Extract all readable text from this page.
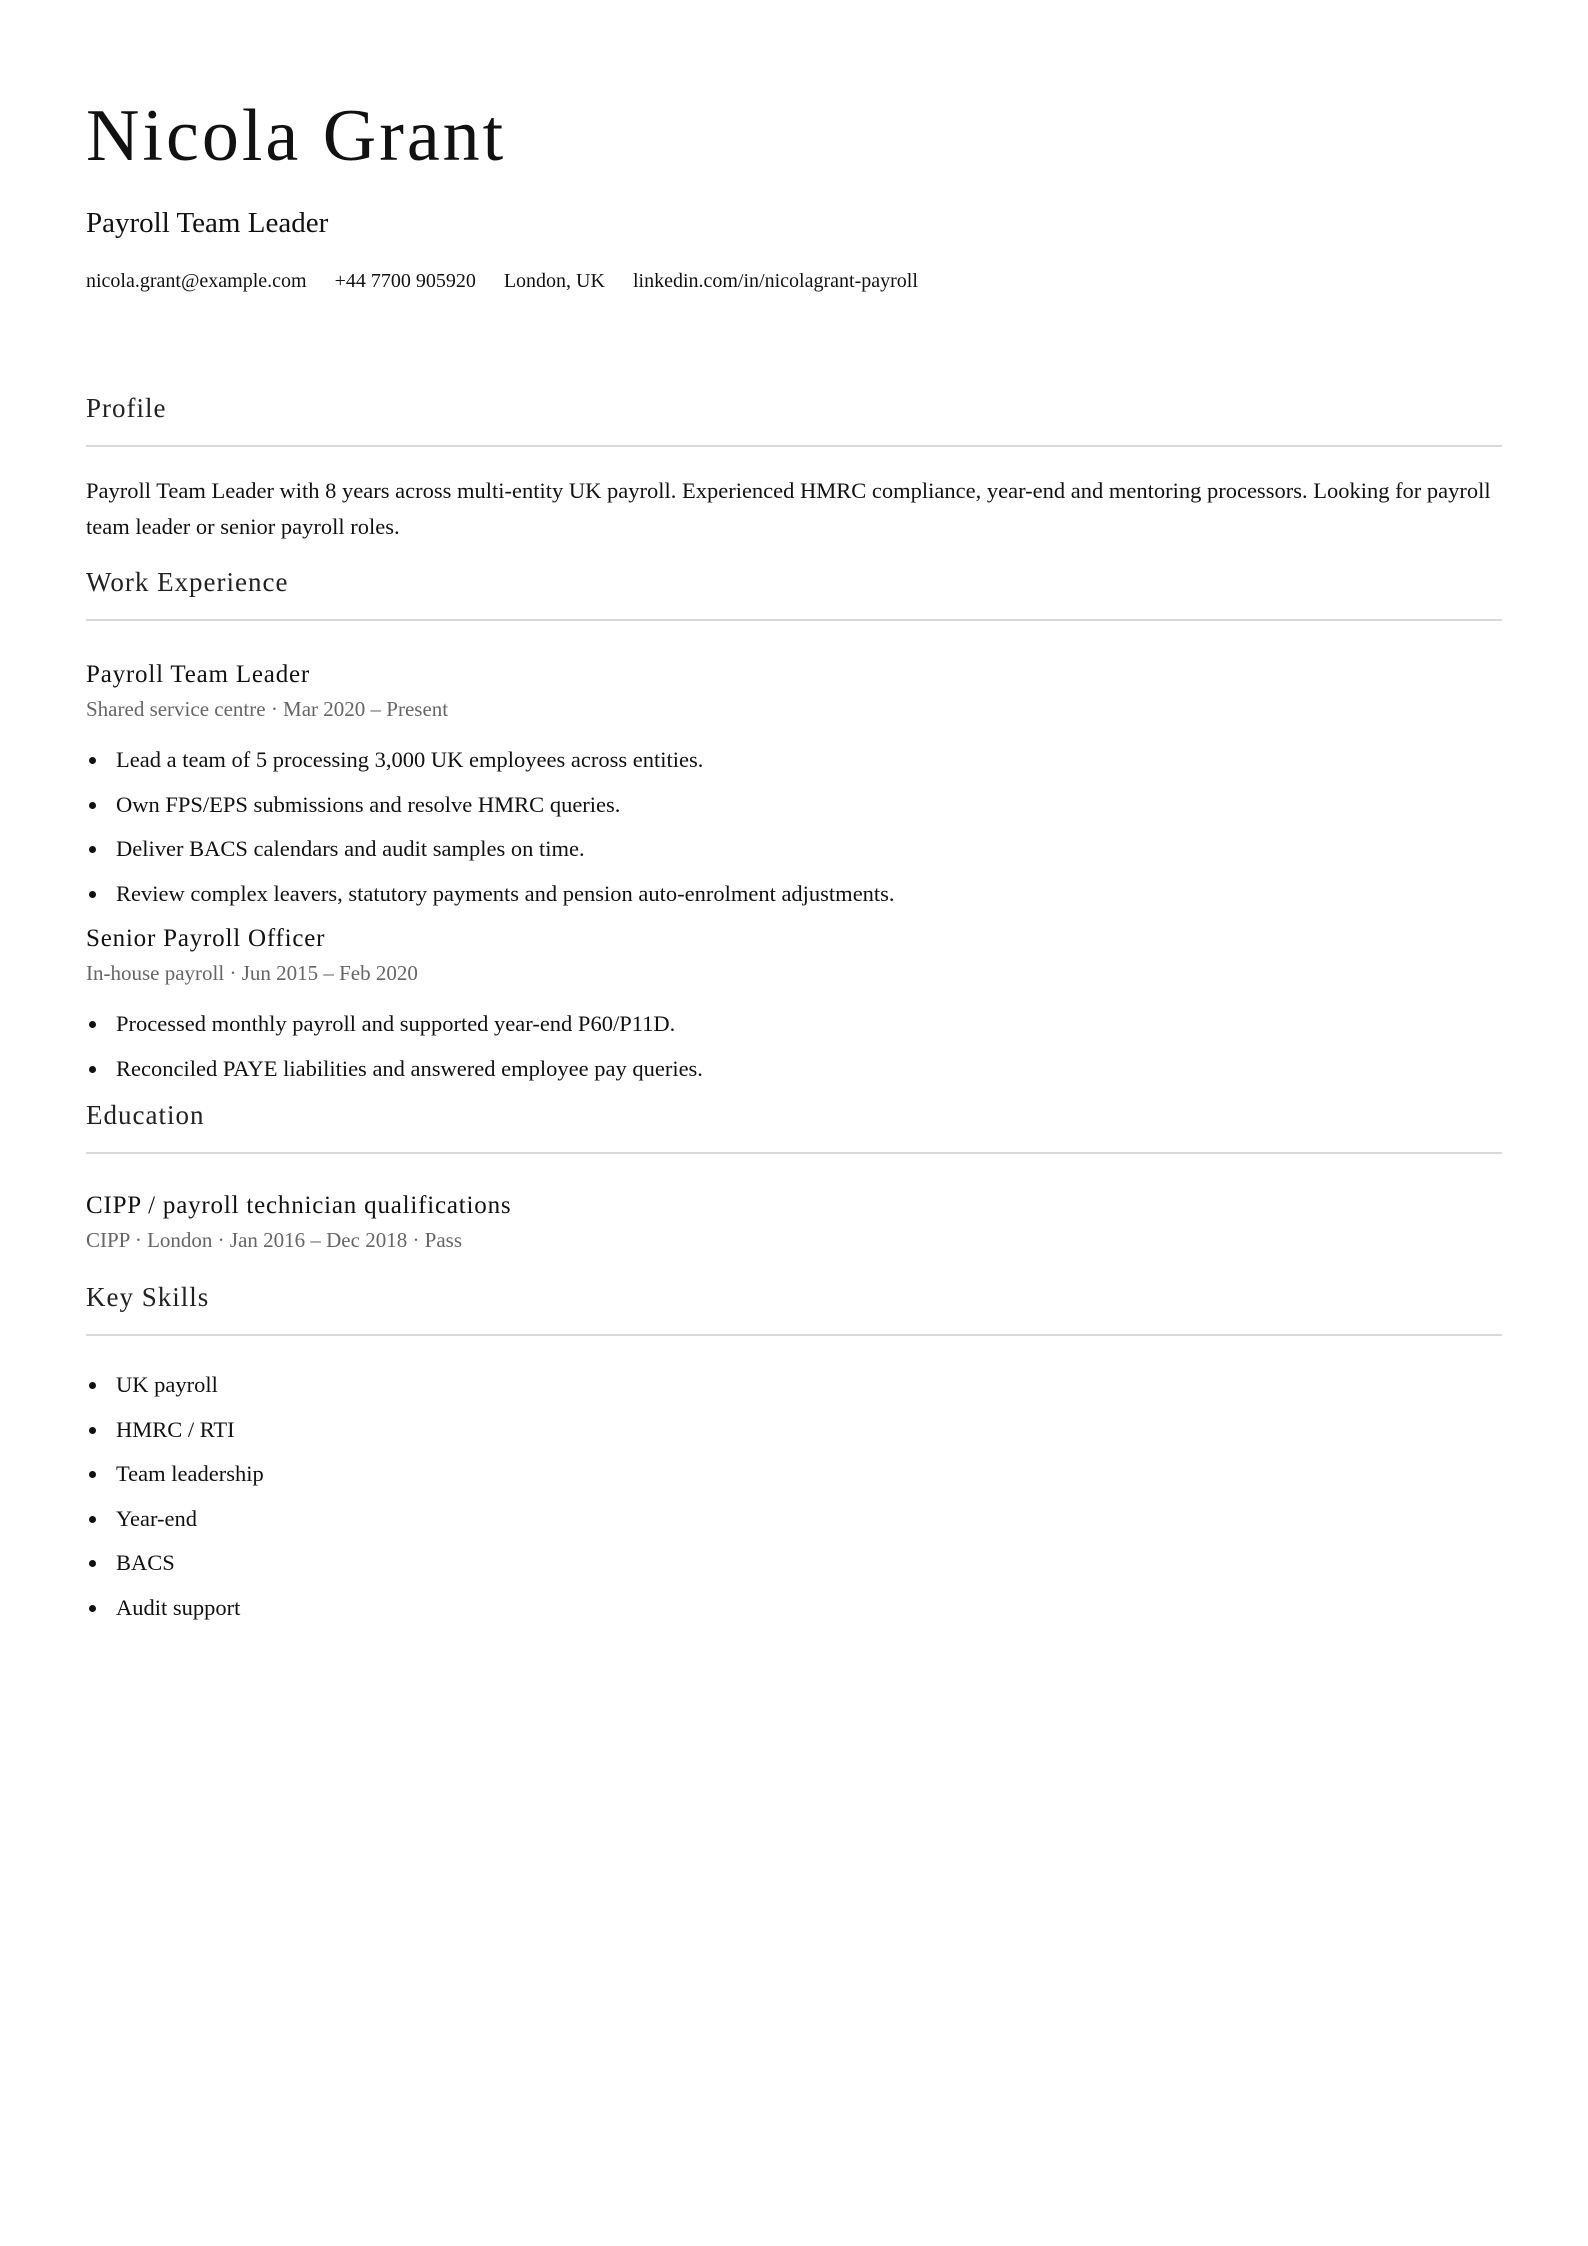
Nicola Grant
Payroll Team Leader
nicola.grant@example.com +44 7700 905920 London, UK linkedin.com/in/nicolagrant-payroll
Profile

Payroll Team Leader with 8 years across multi-entity UK payroll. Experienced HMRC compliance, year-end and mentoring processors. Looking for payroll team leader or senior payroll roles.

Work Experience
Payroll Team Leader
Shared service centre · Mar 2020 – Present
Lead a team of 5 processing 3,000 UK employees across entities.
Own FPS/EPS submissions and resolve HMRC queries.
Deliver BACS calendars and audit samples on time.
Review complex leavers, statutory payments and pension auto-enrolment adjustments.
Senior Payroll Officer
In-house payroll · Jun 2015 – Feb 2020
Processed monthly payroll and supported year-end P60/P11D.
Reconciled PAYE liabilities and answered employee pay queries.
Education
CIPP / payroll technician qualifications
CIPP · London · Jan 2016 – Dec 2018 · Pass
Key Skills
UK payroll
HMRC / RTI
Team leadership
Year-end
BACS
Audit support
